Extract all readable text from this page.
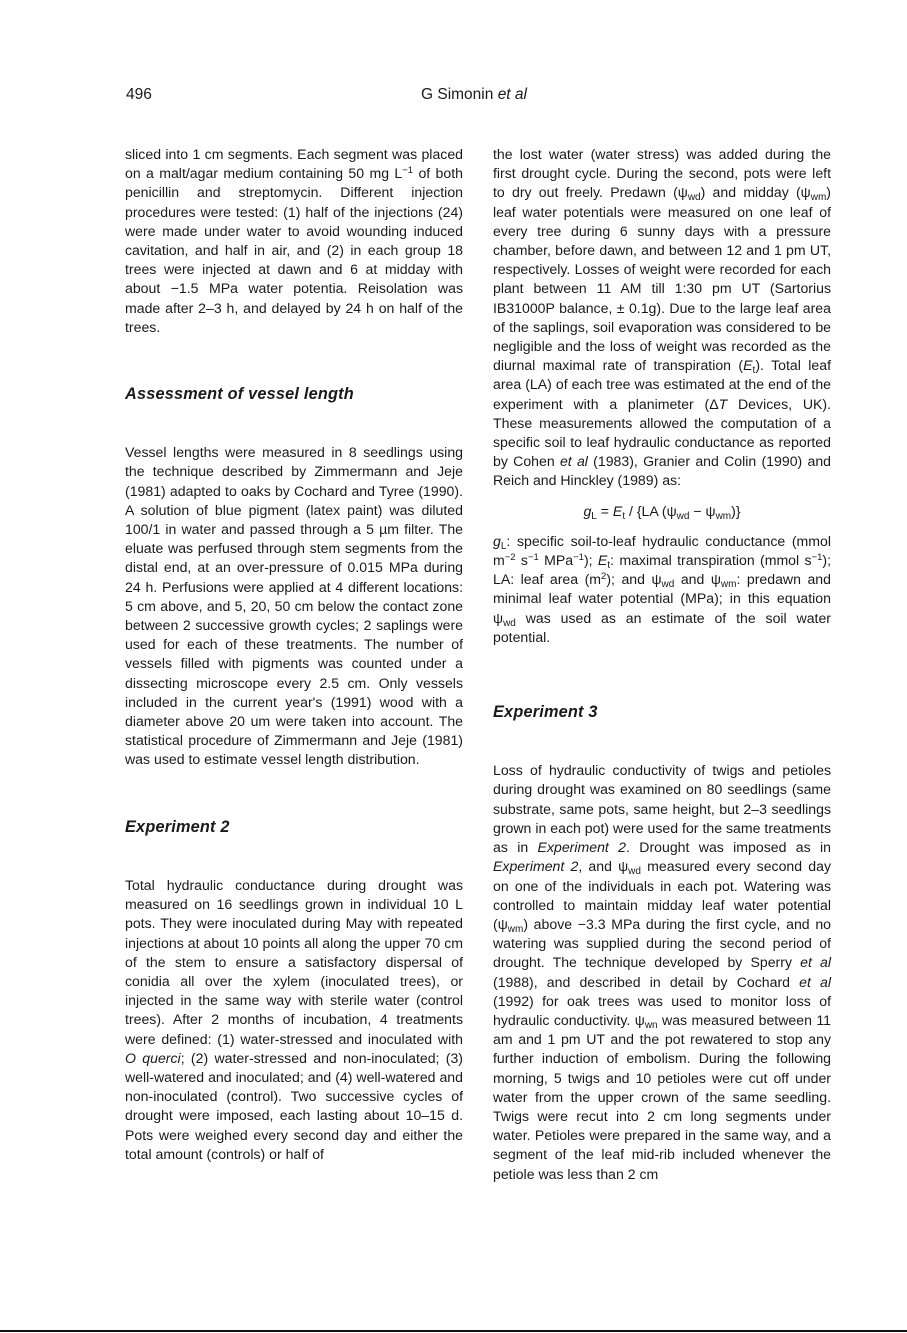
496	G Simonin et al

sliced into 1 cm segments. Each segment was placed on a malt/agar medium containing 50 mg $L^{-1}$ of both penicillin and streptomycin. Different injection procedures were tested: (1) half of the injections (24) were made under water to avoid wounding induced cavitation, and half in air, and (2) in each group 18 trees were injected at dawn and 6 at midday with about −1.5 MPa water potentia. Reisolation was made after 2–3 h, and delayed by 24 h on half of the trees.

Assessment of vessel length

Vessel lengths were measured in 8 seedlings using the technique described by Zimmermann and Jeje (1981) adapted to oaks by Cochard and Tyree (1990). A solution of blue pigment (latex paint) was diluted 100/1 in water and passed through a 5 µm filter. The eluate was perfused through stem segments from the distal end, at an over-pressure of 0.015 MPa during 24 h. Perfusions were applied at 4 different locations: 5 cm above, and 5, 20, 50 cm below the contact zone between 2 successive growth cycles; 2 saplings were used for each of these treatments. The number of vessels filled with pigments was counted under a dissecting microscope every 2.5 cm. Only vessels included in the current year's (1991) wood with a diameter above 20 um were taken into account. The statistical procedure of Zimmermann and Jeje (1981) was used to estimate vessel length distribution.

Experiment 2

Total hydraulic conductance during drought was measured on 16 seedlings grown in individual 10 L pots. They were inoculated during May with repeated injections at about 10 points all along the upper 70 cm of the stem to ensure a satisfactory dispersal of conidia all over the xylem (inoculated trees), or injected in the same way with sterile water (control trees). After 2 months of incubation, 4 treatments were defined: (1) water-stressed and inoculated with O querci; (2) water-stressed and non-inoculated; (3) well-watered and inoculated; and (4) well-watered and non-inoculated (control). Two successive cycles of drought were imposed, each lasting about 10–15 d. Pots were weighed every second day and either the total amount (controls) or half of

the lost water (water stress) was added during the first drought cycle. During the second, pots were left to dry out freely. Predawn $(\psi_{wd})$ and midday $(\psi_{wm})$ leaf water potentials were measured on one leaf of every tree during 6 sunny days with a pressure chamber, before dawn, and between 12 and 1 pm UT, respectively. Losses of weight were recorded for each plant between 11 AM till 1:30 pm UT (Sartorius IB31000P balance, ± 0.1g). Due to the large leaf area of the saplings, soil evaporation was considered to be negligible and the loss of weight was recorded as the diurnal maximal rate of transpiration $(E_t)$. Total leaf area (LA) of each tree was estimated at the end of the experiment with a planimeter (ΔT Devices, UK). These measurements allowed the computation of a specific soil to leaf hydraulic conductance as reported by Cohen et al (1983), Granier and Colin (1990) and Reich and Hinckley (1989) as:

$g_L = E_t / \{LA$ $(\psi_{wd} - \psi_{wm})$}

$g_L$: specific soil-to-leaf hydraulic conductance (mmol $m^{-2}$ $s^{-1}$ MPa$^{-1}$); $E_t$: maximal transpiration (mmol $s^{-1}$); LA: leaf area $(m^2)$; and $\psi_{wd}$ and $\psi_{wm}$: predawn and minimal leaf water potential (MPa); in this equation $\psi_{wd}$ was used as an estimate of the soil water potential.

Experiment 3

Loss of hydraulic conductivity of twigs and petioles during drought was examined on 80 seedlings (same substrate, same pots, same height, but 2–3 seedlings grown in each pot) were used for the same treatments as in Experiment 2. Drought was imposed as in Experiment 2, and $\psi_{wd}$ measured every second day on one of the individuals in each pot. Watering was controlled to maintain midday leaf water potential $(\psi_{wm})$ above −3.3 MPa during the first cycle, and no watering was supplied during the second period of drought. The technique developed by Sperry et al (1988), and described in detail by Cochard et al (1992) for oak trees was used to monitor loss of hydraulic conductivity. $\psi_{wn}$ was measured between 11 am and 1 pm UT and the pot rewatered to stop any further induction of embolism. During the following morning, 5 twigs and 10 petioles were cut off under water from the upper crown of the same seedling. Twigs were recut into 2 cm long segments under water. Petioles were prepared in the same way, and a segment of the leaf mid-rib included whenever the petiole was less than 2 cm
